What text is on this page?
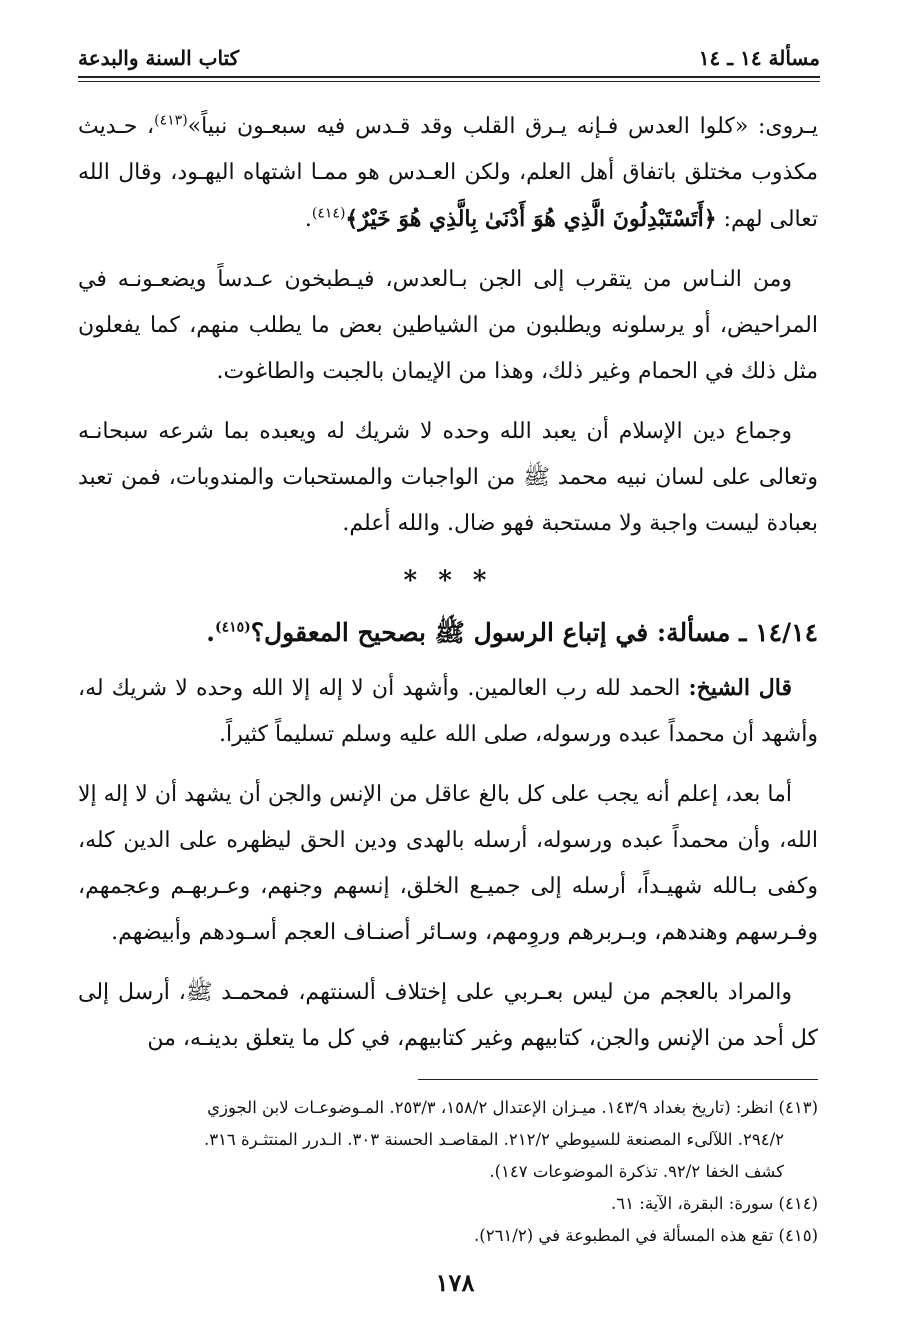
مسألة ١٤ ـ ١٤
كتاب السنة والبدعة

يـروى: «كلوا العدس فـإنه يـرق القلب وقد قـدس فيه سبعـون نبياً»$^{(٤١٣)}$، حـديث مكذوب مختلق باتفاق أهل العلم، ولكن العـدس هو ممـا اشتهاه اليهـود، وقال الله تعالى لهم: ﴿أَتَسْتَبْدِلُونَ الَّذِي هُوَ أَدْنَىٰ بِالَّذِي هُوَ خَيْرٌ﴾$^{(٤١٤)}$.

ومن النـاس من يتقرب إلى الجن بـالعدس، فيـطبخون عـدساً ويضعـونـه في المراحيض، أو يرسلونه ويطلبون من الشياطين بعض ما يطلب منهم، كما يفعلون مثل ذلك في الحمام وغير ذلك، وهذا من الإيمان بالجبت والطاغوت.

وجماع دين الإسلام أن يعبد الله وحده لا شريك له ويعبده بما شرعه سبحانـه وتعالى على لسان نبيه محمد ﷺ من الواجبات والمستحبات والمندوبات، فمن تعبد بعبادة ليست واجبة ولا مستحبة فهو ضال. والله أعلم.

* * *
١٤/١٤ ـ مسألة: في إتباع الرسول ﷺ بصحيح المعقول؟$^{(٤١٥)}$.

قال الشيخ: الحمد لله رب العالمين. وأشهد أن لا إله إلا الله وحده لا شريك له، وأشهد أن محمداً عبده ورسوله، صلى الله عليه وسلم تسليماً كثيراً.

أما بعد، إعلم أنه يجب على كل بالغ عاقل من الإنس والجن أن يشهد أن لا إله إلا الله، وأن محمداً عبده ورسوله، أرسله بالهدى ودين الحق ليظهره على الدين كله، وكفى بـالله شهيـداً، أرسله إلى جميـع الخلق، إنسهم وجنهم، وعـربهـم وعجمهم، وفـرسهم وهندهم، وبـربرهم وروِمهم، وسـائر أصنـاف العجم أسـودهم وأبيضهم.

والمراد بالعجم من ليس بعـربي على إختلاف ألسنتهم، فمحمـد ﷺ، أرسل إلى كل أحد من الإنس والجن، كتابيهم وغير كتابيهم، في كل ما يتعلق بدينـه، من

(٤١٣) انظر: (تاريخ بغداد ١٤٣/٩. ميـزان الإعتدال ١٥٨/٢، ٢٥٣/٣. المـوضوعـات لابن الجوزي

٢٩٤/٢. اللآلىء المصنعة للسيوطي ٢١٢/٢. المقاصـد الحسنة ٣٠٣. الـدرر المنتثـرة ٣١٦.

كشف الخفا ٩٢/٢. تذكرة الموضوعات ١٤٧).

(٤١٤) سورة: البقرة، الآية: ٦١.

(٤١٥) تقع هذه المسألة في المطبوعة في (٢٦١/٢).

١٧٨
